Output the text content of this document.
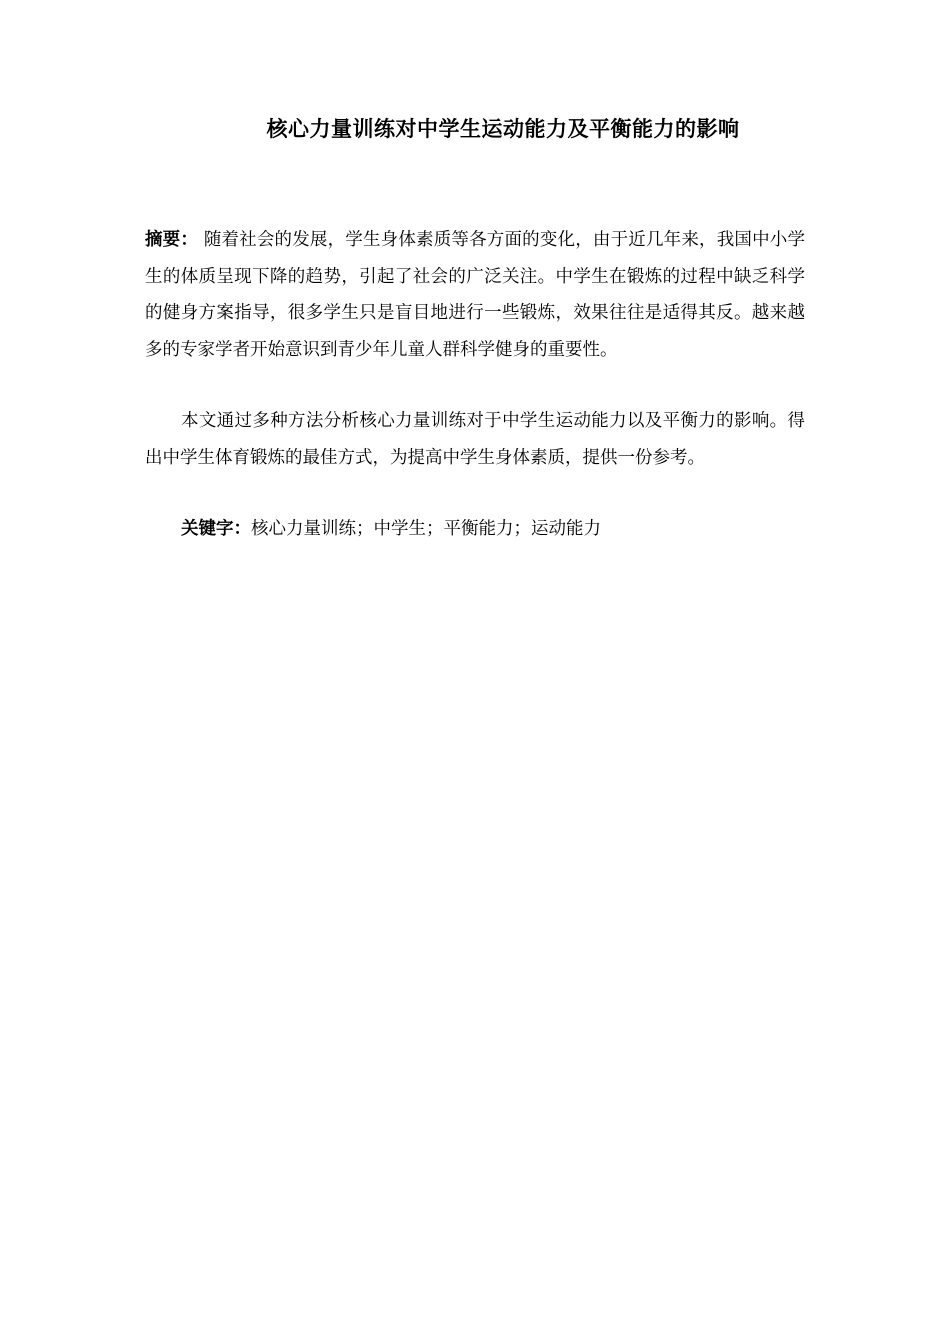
核心力量训练对中学生运动能力及平衡能力的影响

摘要： 随着社会的发展，学生身体素质等各方面的变化，由于近几年来，我国中小学生的体质呈现下降的趋势，引起了社会的广泛关注。中学生在锻炼的过程中缺乏科学的健身方案指导，很多学生只是盲目地进行一些锻炼，效果往往是适得其反。越来越多的专家学者开始意识到青少年儿童人群科学健身的重要性。

本文通过多种方法分析核心力量训练对于中学生运动能力以及平衡力的影响。得出中学生体育锻炼的最佳方式，为提高中学生身体素质，提供一份参考。

关键字：核心力量训练；中学生；平衡能力；运动能力
